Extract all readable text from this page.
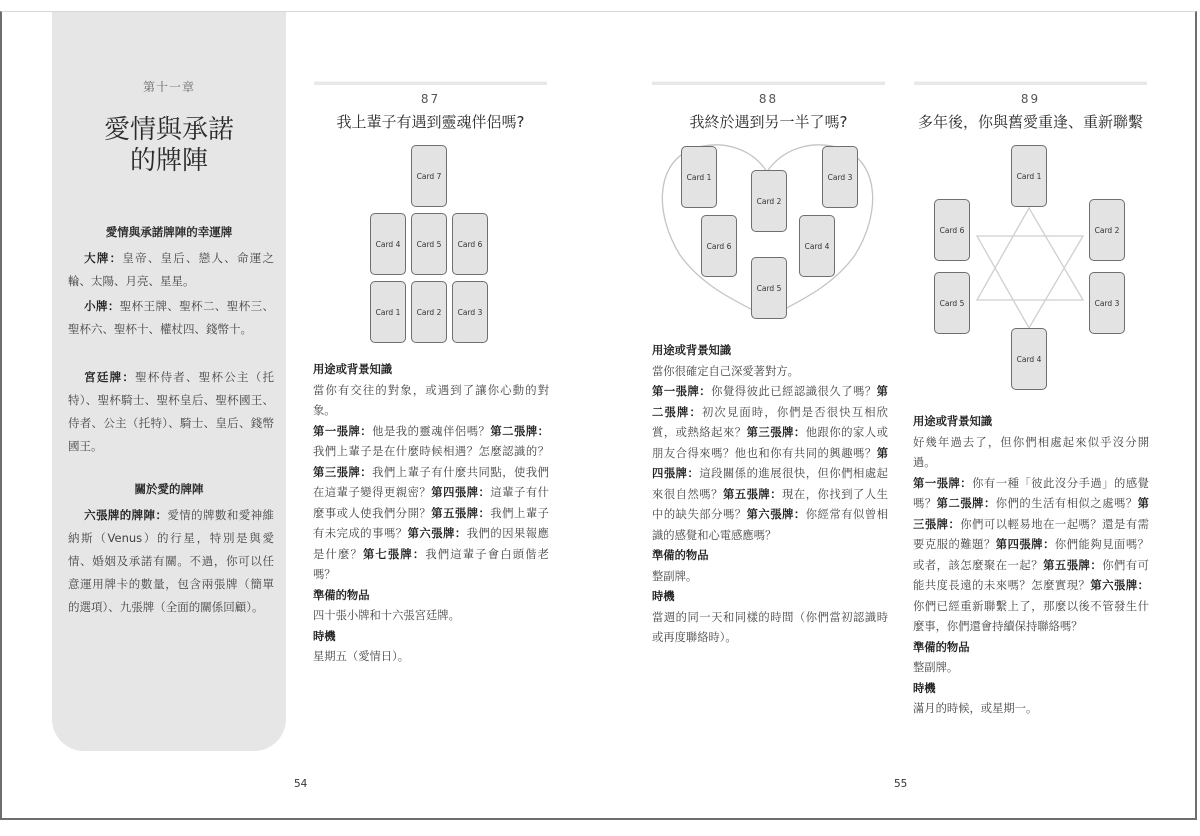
第十一章
愛情與承諾
的牌陣
愛情與承諾牌陣的幸運牌
大牌：皇帝、皇后、戀人、命運之輪、太陽、月亮、星星。
小牌：聖杯王牌、聖杯二、聖杯三、聖杯六、聖杯十、權杖四、錢幣十。
宮廷牌：聖杯侍者、聖杯公主（托特）、聖杯騎士、聖杯皇后、聖杯國王、侍者、公主（托特）、騎士、皇后、錢幣國王。
關於愛的牌陣
六張牌的牌陣：愛情的牌數和愛神維納斯（Venus）的行星，特別是與愛情、婚姻及承諾有關。不過，你可以任意運用牌卡的數量，包含兩張牌（簡單的選項）、九張牌（全面的關係回顧）。
54	55
87
我上輩子有遇到靈魂伴侶嗎?
Card 7
Card 4	Card 5	Card 6
Card 1	Card 2	Card 3
用途或背景知識

當你有交往的對象，或遇到了讓你心動的對象。

第一張牌：他是我的靈魂伴侶嗎？第二張牌：我們上輩子是在什麼時候相遇？怎麼認識的？第三張牌：我們上輩子有什麼共同點，使我們在這輩子變得更親密？第四張牌：這輩子有什麼事或人使我們分開？第五張牌：我們上輩子有未完成的事嗎？第六張牌：我們的因果報應是什麼？第七張牌：我們這輩子會白頭偕老嗎？

準備的物品

四十張小牌和十六張宮廷牌。

時機

星期五（愛情日）。

88
我終於遇到另一半了嗎?
Card 1
Card 2
Card 3
Card 6	Card 4
Card 5
用途或背景知識

當你很確定自己深愛著對方。

第一張牌：你覺得彼此已經認識很久了嗎？第二張牌：初次見面時，你們是否很快互相欣賞，或熱絡起來？第三張牌：他跟你的家人或朋友合得來嗎？他也和你有共同的興趣嗎？第四張牌：這段關係的進展很快，但你們相處起來很自然嗎？第五張牌：現在，你找到了人生中的缺失部分嗎？第六張牌：你經常有似曾相識的感覺和心電感應嗎？

準備的物品

整副牌。

時機

當週的同一天和同樣的時間（你們當初認識時或再度聯絡時）。

89
多年後，你與舊愛重逢、重新聯繫
Card 1
Card 6	Card 2
Card 5	Card 3
Card 4
用途或背景知識

好幾年過去了，但你們相處起來似乎沒分開過。

第一張牌：你有一種「彼此沒分手過」的感覺嗎？第二張牌：你們的生活有相似之處嗎？第三張牌：你們可以輕易地在一起嗎？還是有需要克服的難題？第四張牌：你們能夠見面嗎？或者，該怎麼聚在一起？第五張牌：你們有可能共度長遠的未來嗎？怎麼實現？第六張牌：你們已經重新聯繫上了，那麼以後不管發生什麼事，你們還會持續保持聯絡嗎？

準備的物品

整副牌。

時機

滿月的時候，或星期一。
